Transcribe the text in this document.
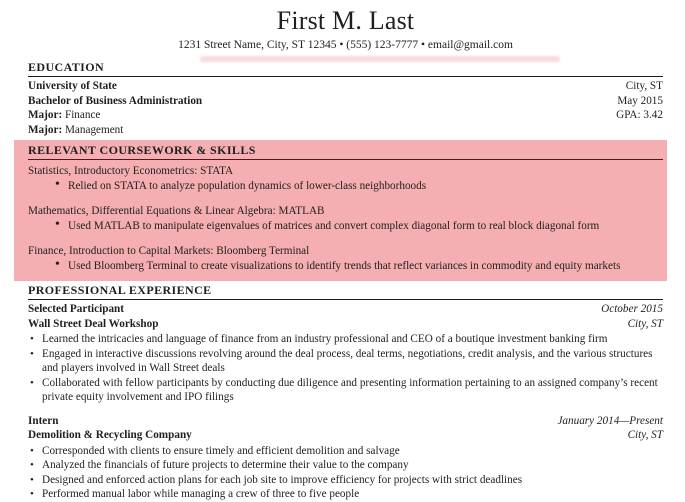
First M. Last
1231 Street Name, City, ST 12345 • (555) 123-7777 • email@gmail.com
EDUCATION
University of State	City, ST
Bachelor of Business Administration	May 2015
Major: Finance	GPA: 3.42
Major: Management
RELEVANT COURSEWORK & SKILLS
Statistics, Introductory Econometrics: STATA
• Relied on STATA to analyze population dynamics of lower-class neighborhoods
Mathematics, Differential Equations & Linear Algebra: MATLAB
• Used MATLAB to manipulate eigenvalues of matrices and convert complex diagonal form to real block diagonal form
Finance, Introduction to Capital Markets: Bloomberg Terminal
• Used Bloomberg Terminal to create visualizations to identify trends that reflect variances in commodity and equity markets
PROFESSIONAL EXPERIENCE
Selected Participant	October 2015
Wall Street Deal Workshop	City, ST
• Learned the intricacies and language of finance from an industry professional and CEO of a boutique investment banking firm
• Engaged in interactive discussions revolving around the deal process, deal terms, negotiations, credit analysis, and the various structures and players involved in Wall Street deals
• Collaborated with fellow participants by conducting due diligence and presenting information pertaining to an assigned company’s recent private equity involvement and IPO filings
Intern	January 2014—Present
Demolition & Recycling Company	City, ST
• Corresponded with clients to ensure timely and efficient demolition and salvage
• Analyzed the financials of future projects to determine their value to the company
• Designed and enforced action plans for each job site to improve efficiency for projects with strict deadlines
• Performed manual labor while managing a crew of three to five people
